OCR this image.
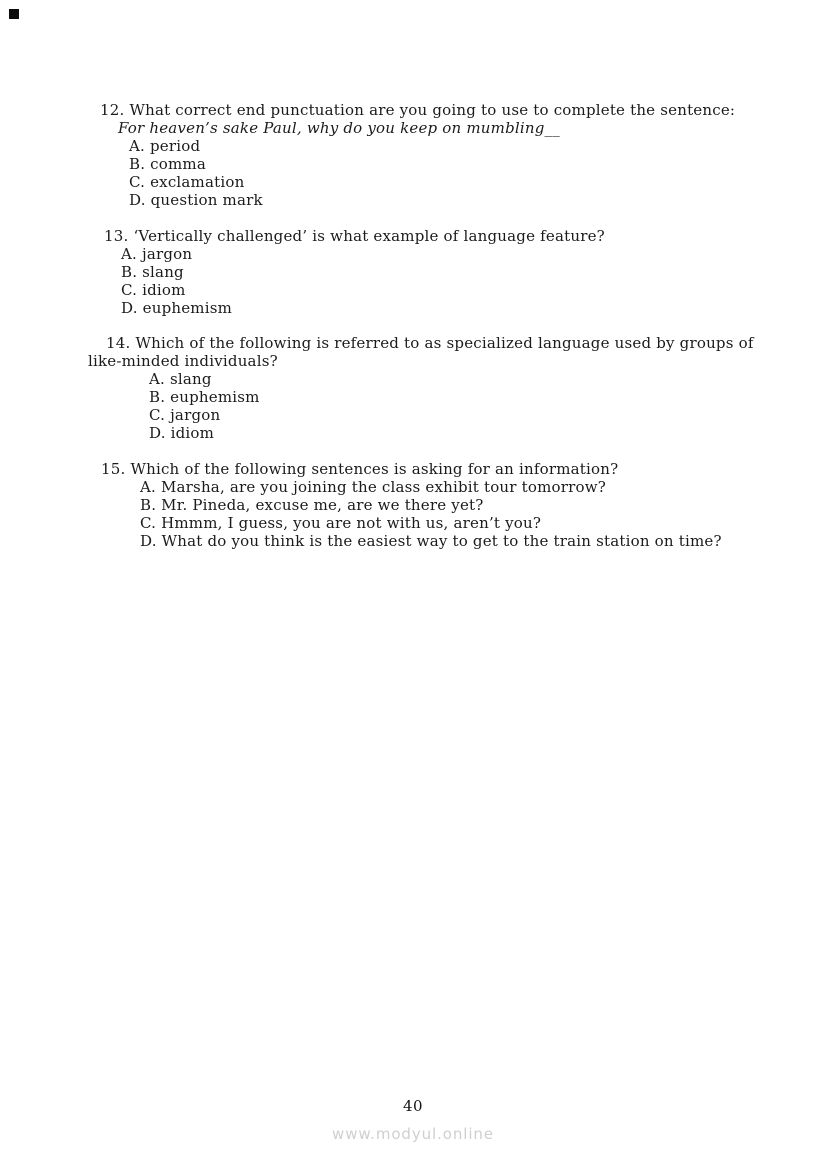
12. What correct end punctuation are you going to use to complete the sentence:
For heaven’s sake Paul, why do you keep on mumbling__
A. period
B. comma
C. exclamation
D. question mark
13. ‘Vertically challenged’ is what example of language feature?
A. jargon
B. slang
C. idiom
D. euphemism
14. Which of the following is referred to as specialized language used by groups of
like-minded individuals?
A. slang
B. euphemism
C. jargon
D. idiom
15. Which of the following sentences is asking for an information?
A. Marsha, are you joining the class exhibit tour tomorrow?
B. Mr. Pineda, excuse me, are we there yet?
C. Hmmm, I guess, you are not with us, aren’t you?
D. What do you think is the easiest way to get to the train station on time?
40
www.modyul.online
